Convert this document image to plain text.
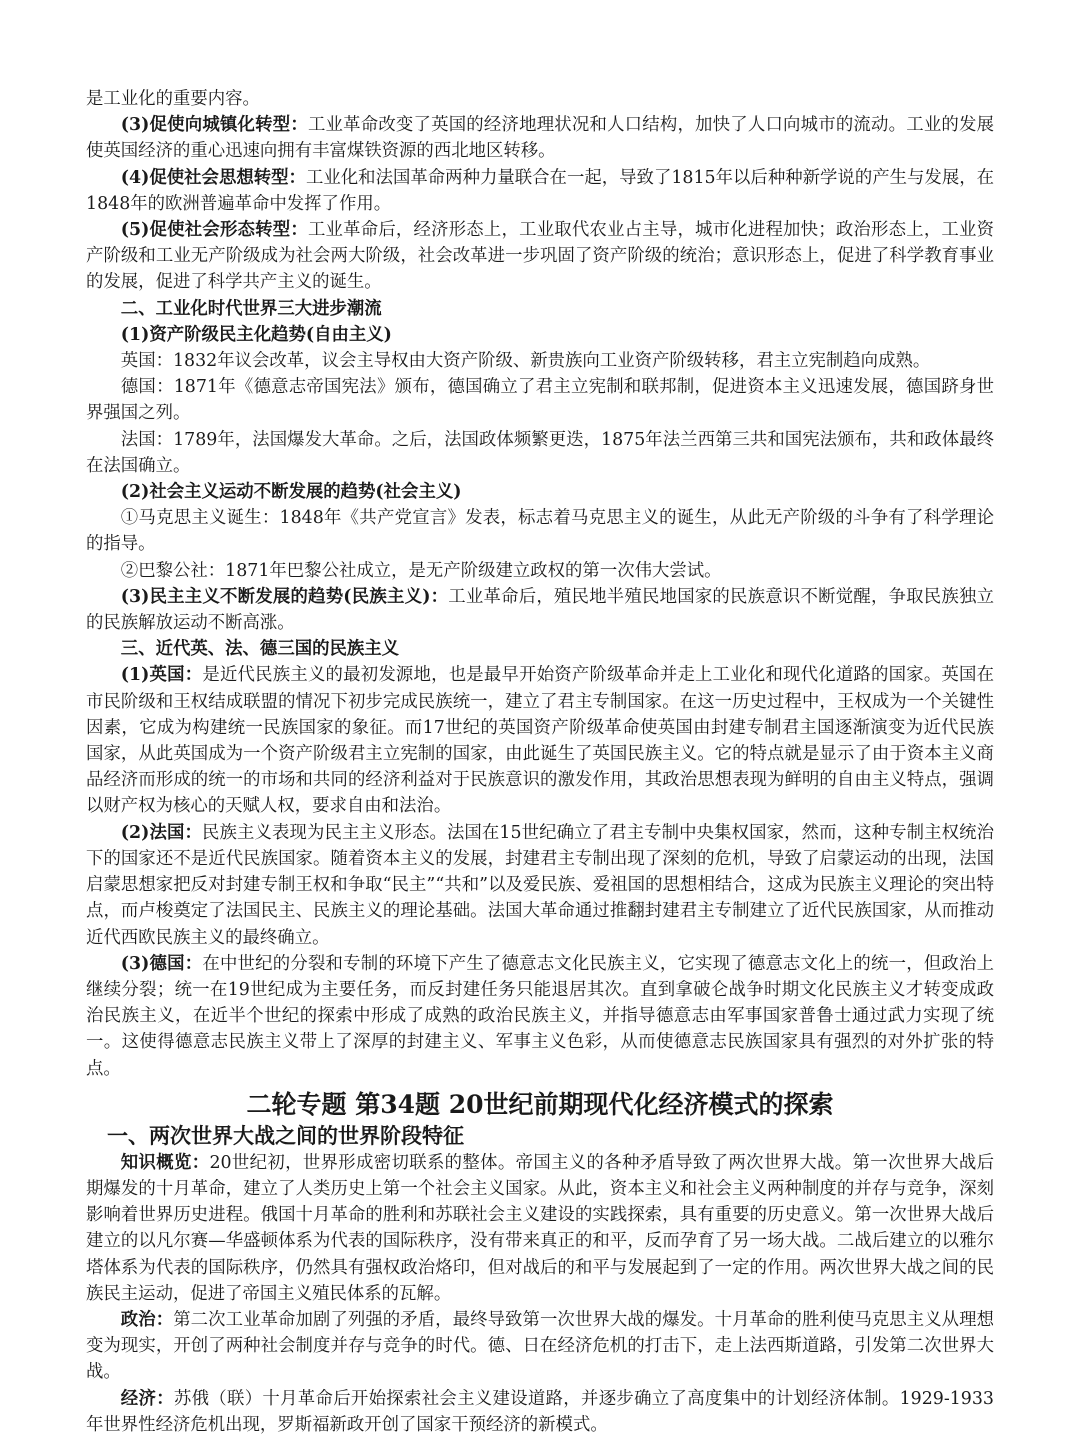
是工业化的重要内容。

(3)促使向城镇化转型：工业革命改变了英国的经济地理状况和人口结构，加快了人口向城市的流动。工业的发展使英国经济的重心迅速向拥有丰富煤铁资源的西北地区转移。

(4)促使社会思想转型：工业化和法国革命两种力量联合在一起，导致了1815年以后种种新学说的产生与发展，在1848年的欧洲普遍革命中发挥了作用。

(5)促使社会形态转型：工业革命后，经济形态上，工业取代农业占主导，城市化进程加快；政治形态上，工业资产阶级和工业无产阶级成为社会两大阶级，社会改革进一步巩固了资产阶级的统治；意识形态上，促进了科学教育事业的发展，促进了科学共产主义的诞生。

二、工业化时代世界三大进步潮流

(1)资产阶级民主化趋势(自由主义)

英国：1832年议会改革，议会主导权由大资产阶级、新贵族向工业资产阶级转移，君主立宪制趋向成熟。

德国：1871年《德意志帝国宪法》颁布，德国确立了君主立宪制和联邦制，促进资本主义迅速发展，德国跻身世界强国之列。

法国：1789年，法国爆发大革命。之后，法国政体频繁更迭，1875年法兰西第三共和国宪法颁布，共和政体最终在法国确立。

(2)社会主义运动不断发展的趋势(社会主义)

①马克思主义诞生：1848年《共产党宣言》发表，标志着马克思主义的诞生，从此无产阶级的斗争有了科学理论的指导。

②巴黎公社：1871年巴黎公社成立，是无产阶级建立政权的第一次伟大尝试。

(3)民主主义不断发展的趋势(民族主义)：工业革命后，殖民地半殖民地国家的民族意识不断觉醒，争取民族独立的民族解放运动不断高涨。

三、近代英、法、德三国的民族主义

(1)英国：是近代民族主义的最初发源地，也是最早开始资产阶级革命并走上工业化和现代化道路的国家。英国在市民阶级和王权结成联盟的情况下初步完成民族统一，建立了君主专制国家。在这一历史过程中，王权成为一个关键性因素，它成为构建统一民族国家的象征。而17世纪的英国资产阶级革命使英国由封建专制君主国逐渐演变为近代民族国家，从此英国成为一个资产阶级君主立宪制的国家，由此诞生了英国民族主义。它的特点就是显示了由于资本主义商品经济而形成的统一的市场和共同的经济利益对于民族意识的激发作用，其政治思想表现为鲜明的自由主义特点，强调以财产权为核心的天赋人权，要求自由和法治。

(2)法国：民族主义表现为民主主义形态。法国在15世纪确立了君主专制中央集权国家，然而，这种专制主权统治下的国家还不是近代民族国家。随着资本主义的发展，封建君主专制出现了深刻的危机，导致了启蒙运动的出现，法国启蒙思想家把反对封建专制王权和争取“民主”“共和”以及爱民族、爱祖国的思想相结合，这成为民族主义理论的突出特点，而卢梭奠定了法国民主、民族主义的理论基础。法国大革命通过推翻封建君主专制建立了近代民族国家，从而推动近代西欧民族主义的最终确立。

(3)德国：在中世纪的分裂和专制的环境下产生了德意志文化民族主义，它实现了德意志文化上的统一，但政治上继续分裂；统一在19世纪成为主要任务，而反封建任务只能退居其次。直到拿破仑战争时期文化民族主义才转变成政治民族主义，在近半个世纪的探索中形成了成熟的政治民族主义，并指导德意志由军事国家普鲁士通过武力实现了统一。这使得德意志民族主义带上了深厚的封建主义、军事主义色彩，从而使德意志民族国家具有强烈的对外扩张的特点。

二轮专题 第34题 20世纪前期现代化经济模式的探索

一、两次世界大战之间的世界阶段特征

知识概览：20世纪初，世界形成密切联系的整体。帝国主义的各种矛盾导致了两次世界大战。第一次世界大战后期爆发的十月革命，建立了人类历史上第一个社会主义国家。从此，资本主义和社会主义两种制度的并存与竞争，深刻影响着世界历史进程。俄国十月革命的胜利和苏联社会主义建设的实践探索，具有重要的历史意义。第一次世界大战后建立的以凡尔赛—华盛顿体系为代表的国际秩序，没有带来真正的和平，反而孕育了另一场大战。二战后建立的以雅尔塔体系为代表的国际秩序，仍然具有强权政治烙印，但对战后的和平与发展起到了一定的作用。两次世界大战之间的民族民主运动，促进了帝国主义殖民体系的瓦解。

政治：第二次工业革命加剧了列强的矛盾，最终导致第一次世界大战的爆发。十月革命的胜利使马克思主义从理想变为现实，开创了两种社会制度并存与竞争的时代。德、日在经济危机的打击下，走上法西斯道路，引发第二次世界大战。

经济：苏俄（联）十月革命后开始探索社会主义建设道路，并逐步确立了高度集中的计划经济体制。1929-1933年世界性经济危机出现，罗斯福新政开创了国家干预经济的新模式。
